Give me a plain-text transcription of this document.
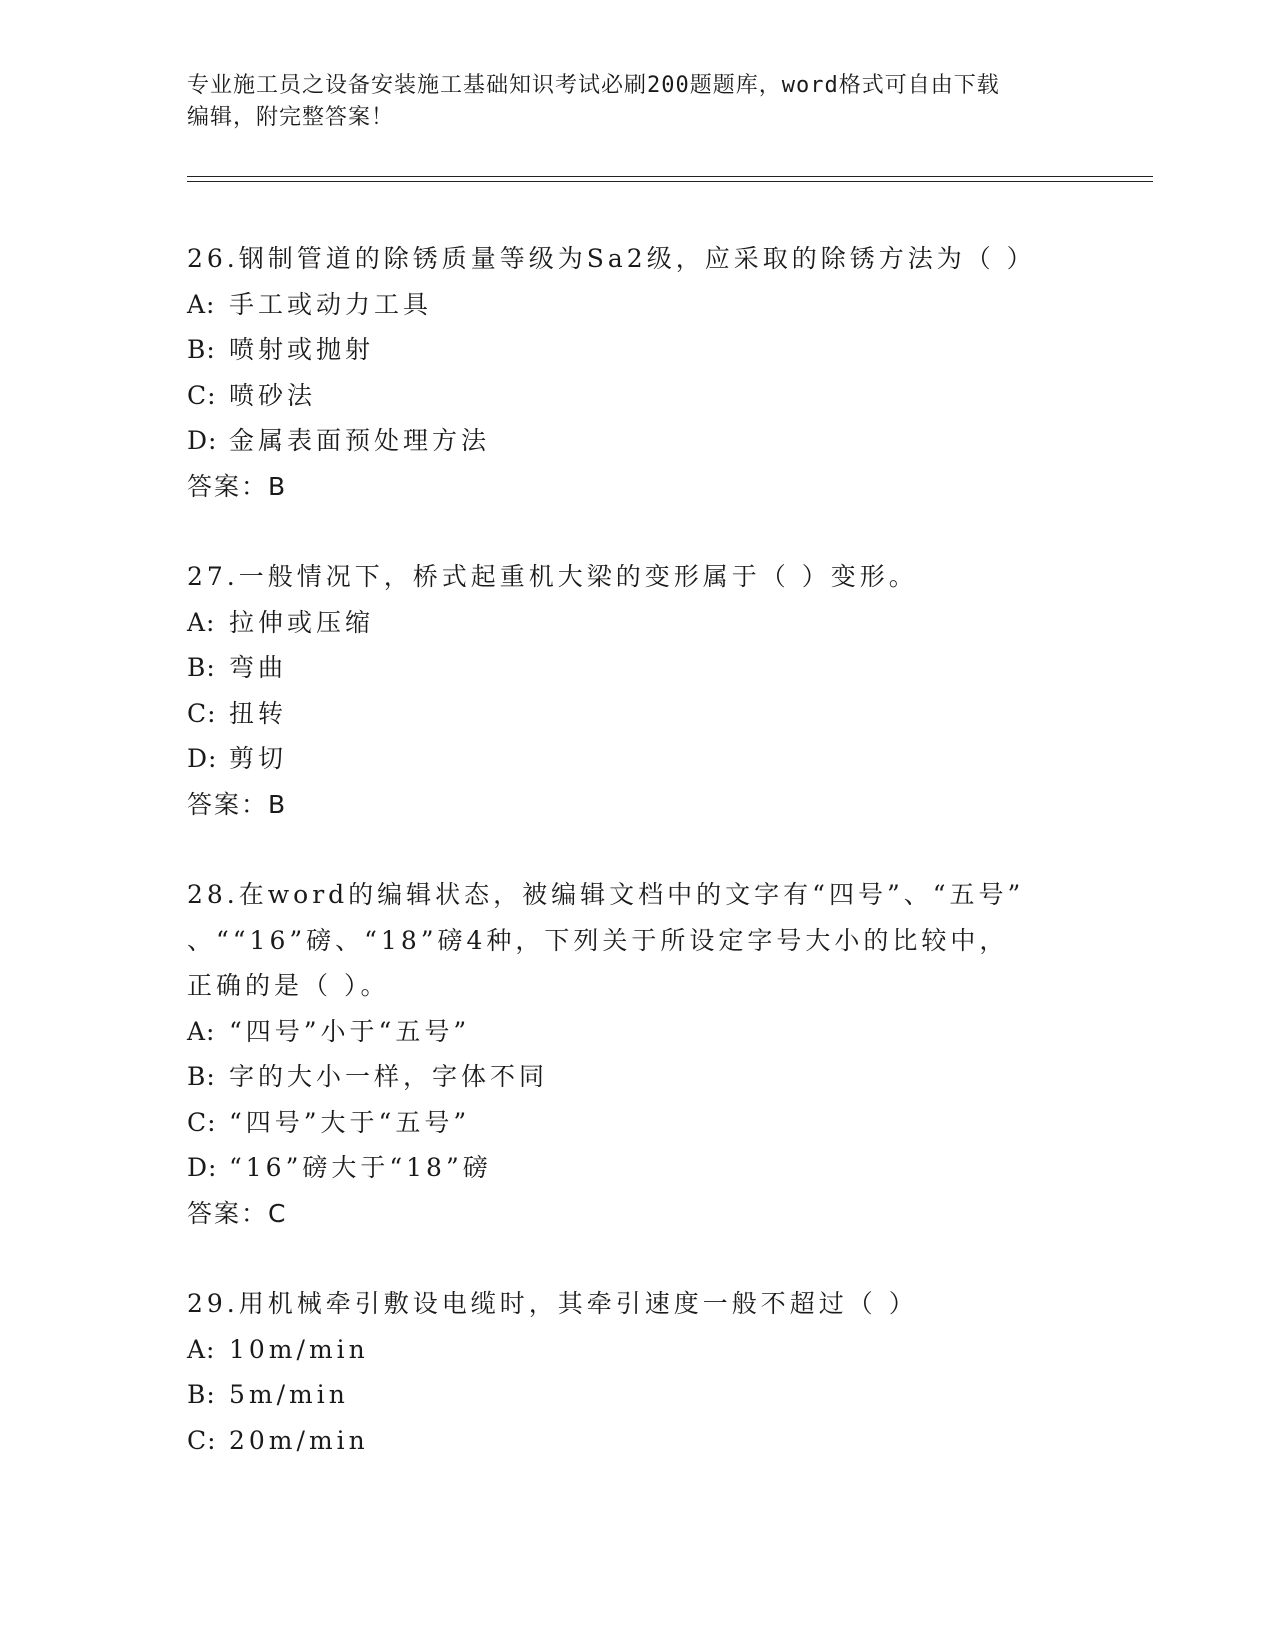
专业施工员之设备安装施工基础知识考试必刷200题题库，word格式可自由下载
编辑，附完整答案！
26.钢制管道的除锈质量等级为Sa2级，应采取的除锈方法为（ ）
A: 手工或动力工具
B: 喷射或抛射
C: 喷砂法
D: 金属表面预处理方法
答案：B
27.一般情况下，桥式起重机大梁的变形属于（ ）变形。
A: 拉伸或压缩
B: 弯曲
C: 扭转
D: 剪切
答案：B
28.在word的编辑状态，被编辑文档中的文字有“四号”、“五号”
、““16”磅、“18”磅4种，下列关于所设定字号大小的比较中，
正确的是（ ）。
A: “四号”小于“五号”
B: 字的大小一样，字体不同
C: “四号”大于“五号”
D: “16”磅大于“18”磅
答案：C
29.用机械牵引敷设电缆时，其牵引速度一般不超过（ ）
A: 10m/min
B: 5m/min
C: 20m/min
